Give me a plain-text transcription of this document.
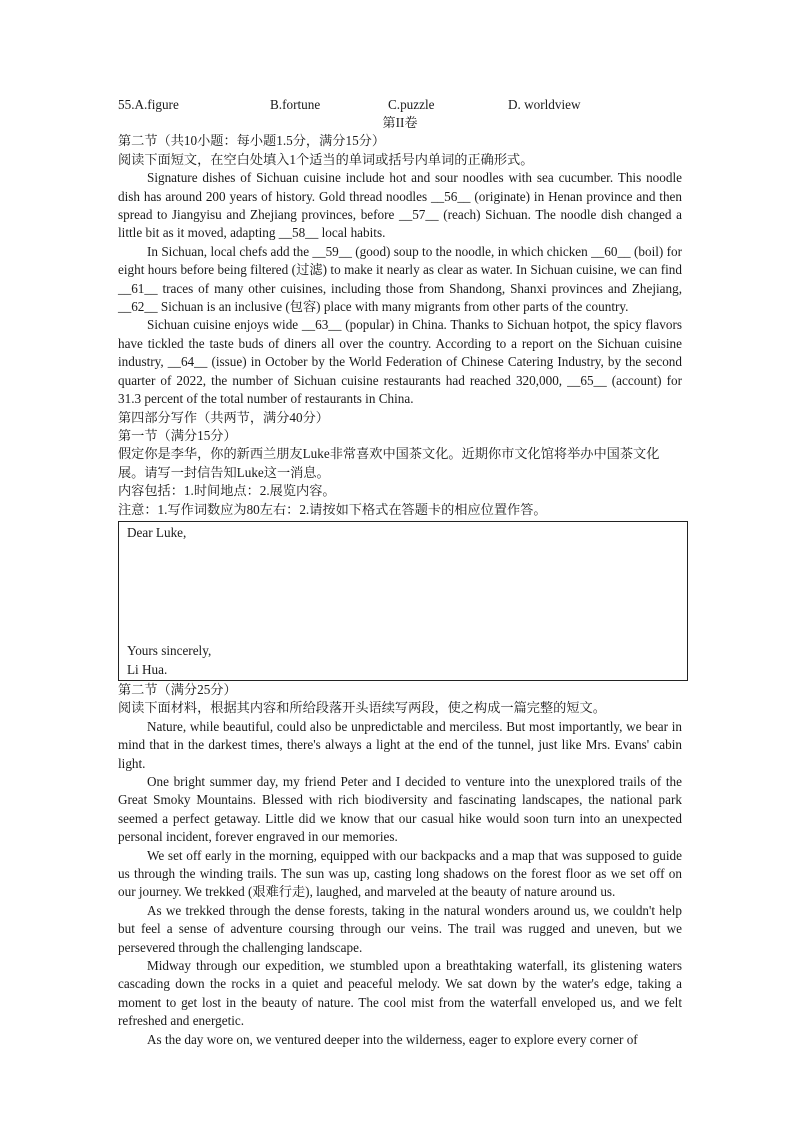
55.A.figure	B.fortune	C.puzzle	D. worldview

第II卷

第二节（共10小题：每小题1.5分，满分15分）

阅读下面短文，在空白处填入1个适当的单词或括号内单词的正确形式。

Signature dishes of Sichuan cuisine include hot and sour noodles with sea cucumber. This noodle dish has around 200 years of history. Gold thread noodles __56__ (originate) in Henan province and then spread to Jiangyisu and Zhejiang provinces, before __57__ (reach) Sichuan. The noodle dish changed a little bit as it moved, adapting __58__ local habits.

In Sichuan, local chefs add the __59__ (good) soup to the noodle, in which chicken __60__ (boil) for eight hours before being filtered (过滤) to make it nearly as clear as water. In Sichuan cuisine, we can find __61__ traces of many other cuisines, including those from Shandong, Shanxi provinces and Zhejiang, __62__ Sichuan is an inclusive (包容) place with many migrants from other parts of the country.

Sichuan cuisine enjoys wide __63__ (popular) in China. Thanks to Sichuan hotpot, the spicy flavors have tickled the taste buds of diners all over the country. According to a report on the Sichuan cuisine industry, __64__ (issue) in October by the World Federation of Chinese Catering Industry, by the second quarter of 2022, the number of Sichuan cuisine restaurants had reached 320,000, __65__ (account) for 31.3 percent of the total number of restaurants in China.

第四部分写作（共两节，满分40分）

第一节（满分15分）

假定你是李华，你的新西兰朋友Luke非常喜欢中国茶文化。近期你市文化馆将举办中国茶文化展。请写一封信告知Luke这一消息。

内容包括：1.时间地点：2.展览内容。

注意：1.写作词数应为80左右：2.请按如下格式在答题卡的相应位置作答。

Dear Luke,
Yours sincerely,
Li Hua.

第二节（满分25分）

阅读下面材料，根据其内容和所给段落开头语续写两段，使之构成一篇完整的短文。

Nature, while beautiful, could also be unpredictable and merciless. But most importantly, we bear in mind that in the darkest times, there's always a light at the end of the tunnel, just like Mrs. Evans' cabin light.

One bright summer day, my friend Peter and I decided to venture into the unexplored trails of the Great Smoky Mountains. Blessed with rich biodiversity and fascinating landscapes, the national park seemed a perfect getaway. Little did we know that our casual hike would soon turn into an unexpected personal incident, forever engraved in our memories.

We set off early in the morning, equipped with our backpacks and a map that was supposed to guide us through the winding trails. The sun was up, casting long shadows on the forest floor as we set off on our journey. We trekked (艰难行走), laughed, and marveled at the beauty of nature around us.

As we trekked through the dense forests, taking in the natural wonders around us, we couldn't help but feel a sense of adventure coursing through our veins. The trail was rugged and uneven, but we persevered through the challenging landscape.

Midway through our expedition, we stumbled upon a breathtaking waterfall, its glistening waters cascading down the rocks in a quiet and peaceful melody. We sat down by the water's edge, taking a moment to get lost in the beauty of nature. The cool mist from the waterfall enveloped us, and we felt refreshed and energetic.

As the day wore on, we ventured deeper into the wilderness, eager to explore every corner of
